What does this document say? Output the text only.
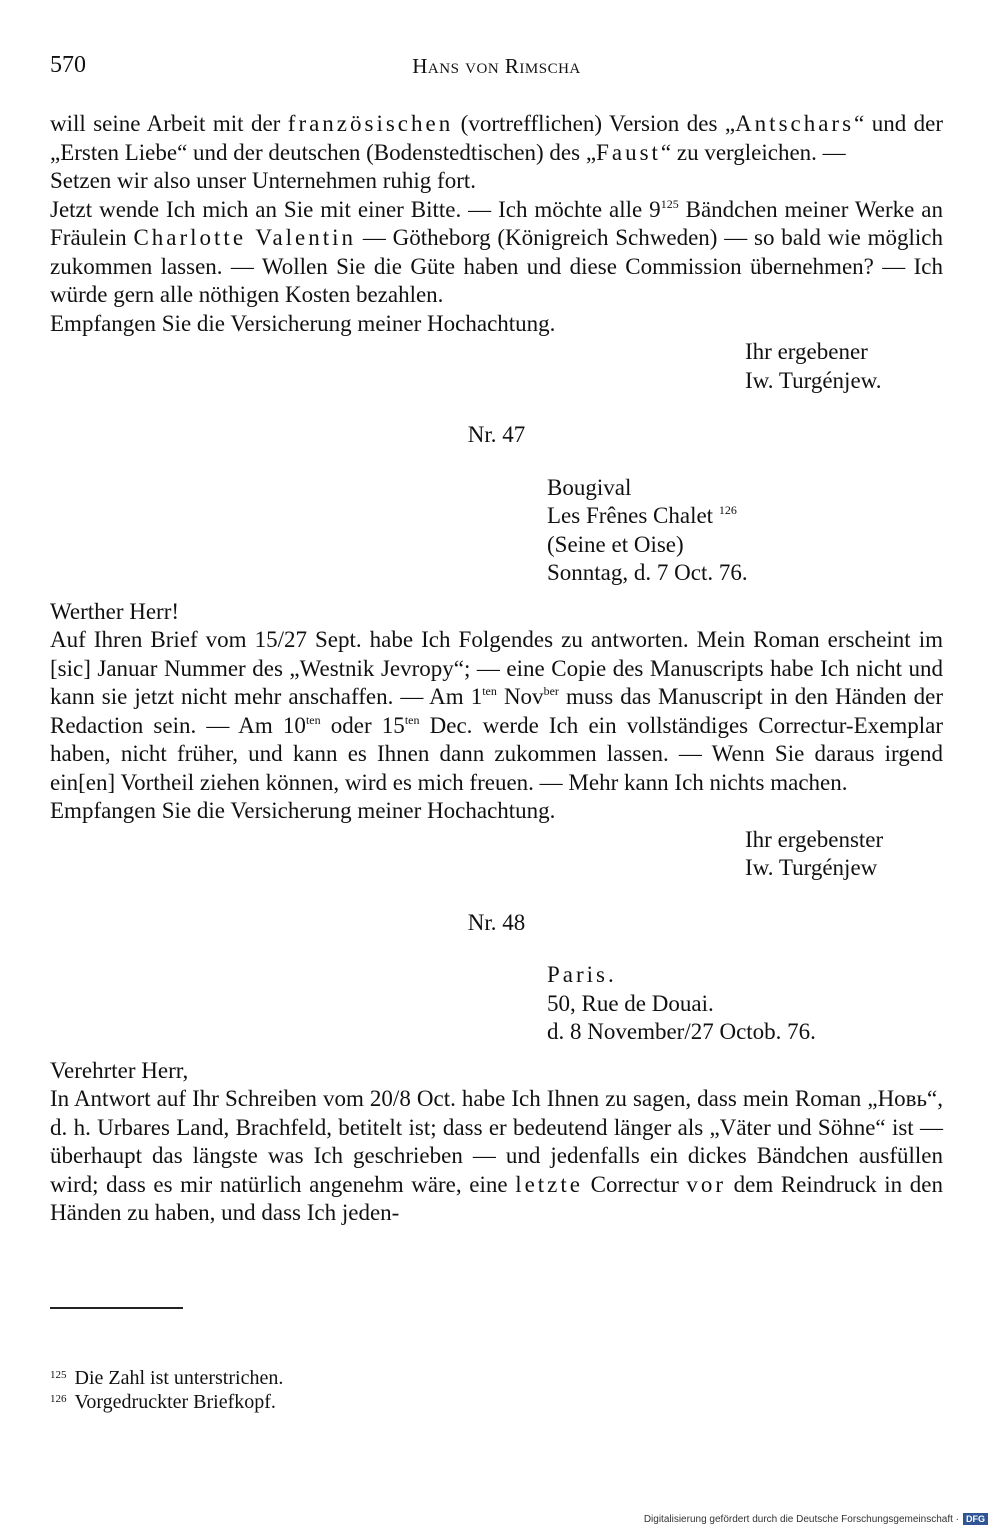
570	Hans von Rimscha

will seine Arbeit mit der französischen (vortrefflichen) Version des „Antschars“ und der „Ersten Liebe“ und der deutschen (Bodenstedtischen) des „Faust“ zu vergleichen. —

Setzen wir also unser Unternehmen ruhig fort.

Jetzt wende Ich mich an Sie mit einer Bitte. — Ich möchte alle $9^{125}$ Bändchen meiner Werke an Fräulein Charlotte Valentin — Götheborg (Königreich Schweden) — so bald wie möglich zukommen lassen. — Wollen Sie die Güte haben und diese Commission übernehmen? — Ich würde gern alle nöthigen Kosten bezahlen.

Empfangen Sie die Versicherung meiner Hochachtung.

Ihr ergebener
Iw. Turgénjew.
Nr. 47
Bougival
Les Frênes Chalet $^{126}$
(Seine et Oise)
Sonntag, d. 7 Oct. 76.

Werther Herr!

Auf Ihren Brief vom 15/27 Sept. habe Ich Folgendes zu antworten. Mein Roman erscheint im [sic] Januar Nummer des „Westnik Jevropy“; — eine Copie des Manuscripts habe Ich nicht und kann sie jetzt nicht mehr anschaffen. — Am $1^{ten}$ Nov$^{ber}$ muss das Manuscript in den Händen der Redaction sein. — Am $10^{ten}$ oder $15^{ten}$ Dec. werde Ich ein vollständiges Correctur-Exemplar haben, nicht früher, und kann es Ihnen dann zukommen lassen. — Wenn Sie daraus irgend ein[en] Vortheil ziehen können, wird es mich freuen. — Mehr kann Ich nichts machen.

Empfangen Sie die Versicherung meiner Hochachtung.

Ihr ergebenster
Iw. Turgénjew
Nr. 48
Paris.
50, Rue de Douai.
d. 8 November/27 Octob. 76.

Verehrter Herr,

In Antwort auf Ihr Schreiben vom 20/8 Oct. habe Ich Ihnen zu sagen, dass mein Roman „Новь“, d. h. Urbares Land, Brachfeld, betitelt ist; dass er bedeutend länger als „Väter und Söhne“ ist — überhaupt das längste was Ich geschrieben — und jedenfalls ein dickes Bändchen ausfüllen wird; dass es mir natürlich angenehm wäre, eine letzte Correctur vor dem Reindruck in den Händen zu haben, und dass Ich jeden-

$^{125}$ Die Zahl ist unterstrichen.
$^{126}$ Vorgedruckter Briefkopf.
Digitalisierung gefördert durch die Deutsche Forschungsgemeinschaft · DFG
